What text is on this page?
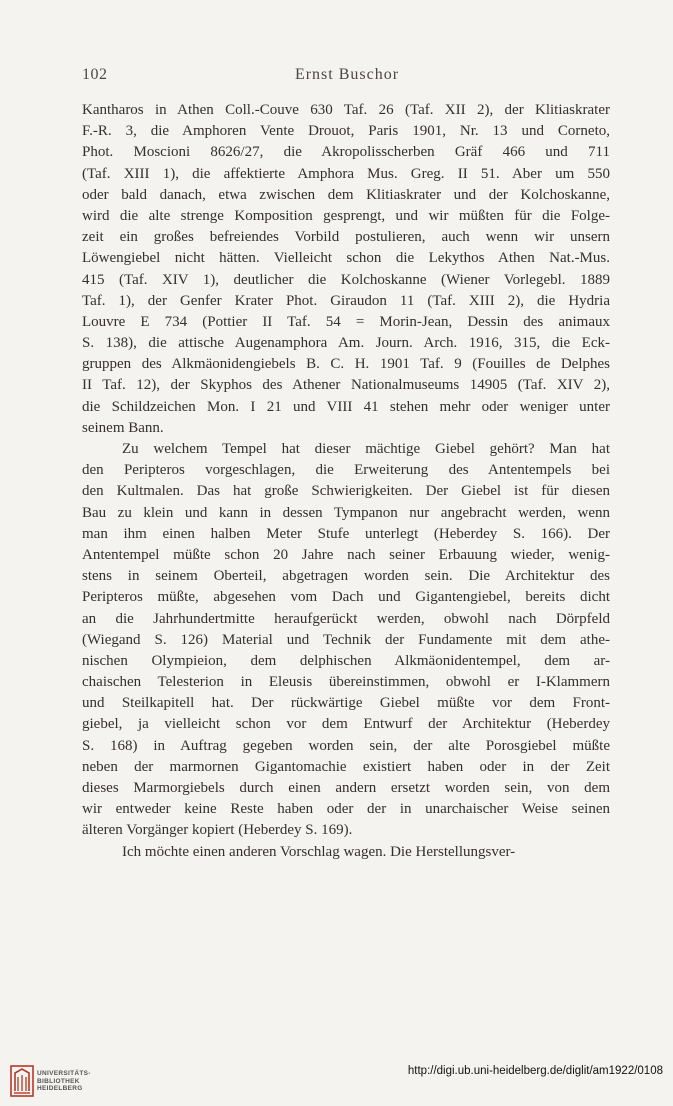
102	Ernst Buschor
Kantharos in Athen Coll.-Couve 630 Taf. 26 (Taf. XII 2), der Klitiaskrater
F.-R. 3, die Amphoren Vente Drouot, Paris 1901, Nr. 13 und Corneto,
Phot. Moscioni 8626/27, die Akropolisscherben Gräf 466 und 711
(Taf. XIII 1), die affektierte Amphora Mus. Greg. II 51. Aber um 550
oder bald danach, etwa zwischen dem Klitiaskrater und der Kolchoskanne,
wird die alte strenge Komposition gesprengt, und wir müßten für die Folge-
zeit ein großes befreiendes Vorbild postulieren, auch wenn wir unsern
Löwengiebel nicht hätten. Vielleicht schon die Lekythos Athen Nat.-Mus.
415 (Taf. XIV 1), deutlicher die Kolchoskanne (Wiener Vorlegebl. 1889
Taf. 1), der Genfer Krater Phot. Giraudon 11 (Taf. XIII 2), die Hydria
Louvre E 734 (Pottier II Taf. 54 = Morin-Jean, Dessin des animaux
S. 138), die attische Augenamphora Am. Journ. Arch. 1916, 315, die Eck-
gruppen des Alkmäonidengiebels B. C. H. 1901 Taf. 9 (Fouilles de Delphes
II Taf. 12), der Skyphos des Athener Nationalmuseums 14905 (Taf. XIV 2),
die Schildzeichen Mon. I 21 und VIII 41 stehen mehr oder weniger unter
seinem Bann.
Zu welchem Tempel hat dieser mächtige Giebel gehört? Man hat
den Peripteros vorgeschlagen, die Erweiterung des Antentempels bei
den Kultmalen. Das hat große Schwierigkeiten. Der Giebel ist für diesen
Bau zu klein und kann in dessen Tympanon nur angebracht werden, wenn
man ihm einen halben Meter Stufe unterlegt (Heberdey S. 166). Der
Antentempel müßte schon 20 Jahre nach seiner Erbauung wieder, wenig-
stens in seinem Oberteil, abgetragen worden sein. Die Architektur des
Peripteros müßte, abgesehen vom Dach und Gigantengiebel, bereits dicht
an die Jahrhundertmitte heraufgerückt werden, obwohl nach Dörpfeld
(Wiegand S. 126) Material und Technik der Fundamente mit dem athe-
nischen Olympieion, dem delphischen Alkmäonidentempel, dem ar-
chaischen Telesterion in Eleusis übereinstimmen, obwohl er I-Klammern
und Steilkapitell hat. Der rückwärtige Giebel müßte vor dem Front-
giebel, ja vielleicht schon vor dem Entwurf der Architektur (Heberdey
S. 168) in Auftrag gegeben worden sein, der alte Porosgiebel müßte
neben der marmornen Gigantomachie existiert haben oder in der Zeit
dieses Marmorgiebels durch einen andern ersetzt worden sein, von dem
wir entweder keine Reste haben oder der in unarchaischer Weise seinen
älteren Vorgänger kopiert (Heberdey S. 169).
Ich möchte einen anderen Vorschlag wagen. Die Herstellungsver-
UNIVERSITÄTS-
BIBLIOTHEK
HEIDELBERG
http://digi.ub.uni-heidelberg.de/diglit/am1922/0108
